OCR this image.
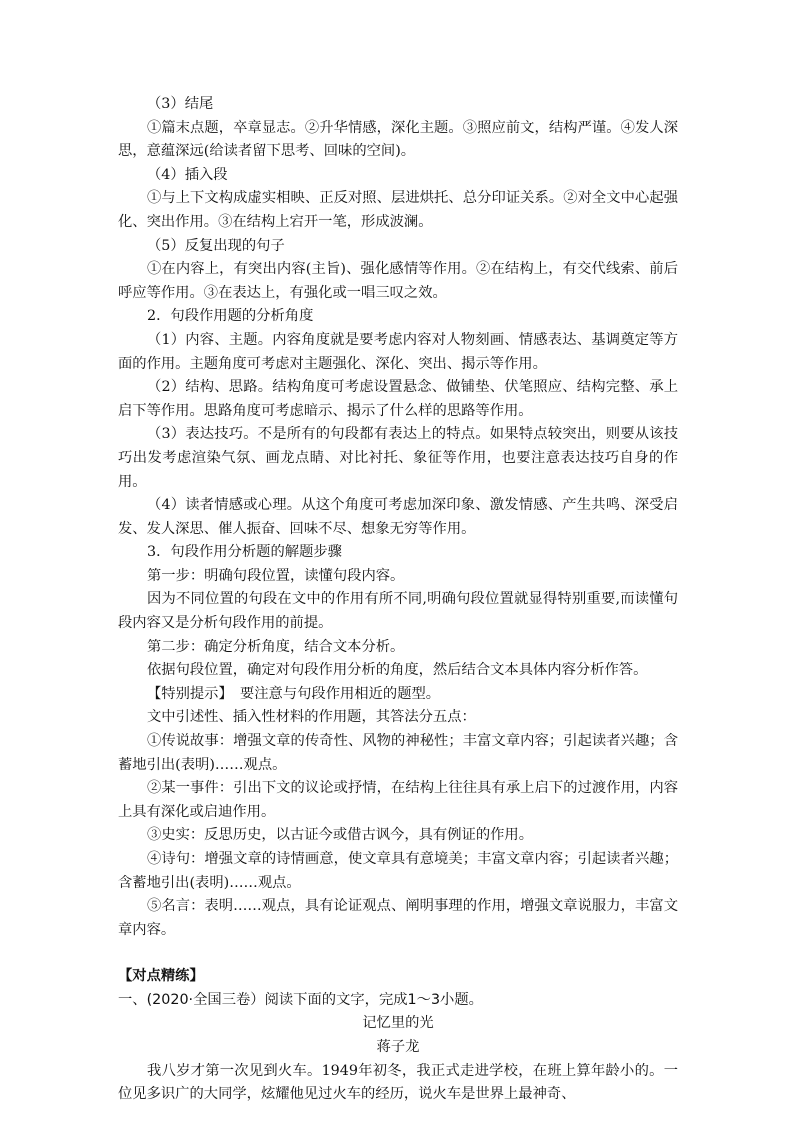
（3）结尾

①篇末点题，卒章显志。②升华情感，深化主题。③照应前文，结构严谨。④发人深思，意蕴深远(给读者留下思考、回味的空间)。

（4）插入段

①与上下文构成虚实相映、正反对照、层进烘托、总分印证关系。②对全文中心起强化、突出作用。③在结构上宕开一笔，形成波澜。

（5）反复出现的句子

①在内容上，有突出内容(主旨)、强化感情等作用。②在结构上，有交代线索、前后呼应等作用。③在表达上，有强化或一唱三叹之效。

2．句段作用题的分析角度

（1）内容、主题。内容角度就是要考虑内容对人物刻画、情感表达、基调奠定等方面的作用。主题角度可考虑对主题强化、深化、突出、揭示等作用。

（2）结构、思路。结构角度可考虑设置悬念、做铺垫、伏笔照应、结构完整、承上启下等作用。思路角度可考虑暗示、揭示了什么样的思路等作用。

（3）表达技巧。不是所有的句段都有表达上的特点。如果特点较突出，则要从该技巧出发考虑渲染气氛、画龙点睛、对比衬托、象征等作用，也要注意表达技巧自身的作用。

（4）读者情感或心理。从这个角度可考虑加深印象、激发情感、产生共鸣、深受启发、发人深思、催人振奋、回味不尽、想象无穷等作用。

3．句段作用分析题的解题步骤

第一步：明确句段位置，读懂句段内容。

因为不同位置的句段在文中的作用有所不同,明确句段位置就显得特别重要,而读懂句段内容又是分析句段作用的前提。

第二步：确定分析角度，结合文本分析。

依据句段位置，确定对句段作用分析的角度，然后结合文本具体内容分析作答。

【特别提示】　要注意与句段作用相近的题型。

文中引述性、插入性材料的作用题，其答法分五点：

①传说故事：增强文章的传奇性、风物的神秘性；丰富文章内容；引起读者兴趣；含蓄地引出(表明)……观点。

②某一事件：引出下文的议论或抒情，在结构上往往具有承上启下的过渡作用，内容上具有深化或启迪作用。

③史实：反思历史，以古证今或借古讽今，具有例证的作用。

④诗句：增强文章的诗情画意，使文章具有意境美；丰富文章内容；引起读者兴趣；含蓄地引出(表明)……观点。

⑤名言：表明……观点，具有论证观点、阐明事理的作用，增强文章说服力，丰富文章内容。

【对点精练】

一、(2020·全国三卷）阅读下面的文字，完成1～3小题。

记忆里的光

蒋子龙

我八岁才第一次见到火车。1949年初冬，我正式走进学校，在班上算年龄小的。一位见多识广的大同学，炫耀他见过火车的经历，说火车是世界上最神奇、
